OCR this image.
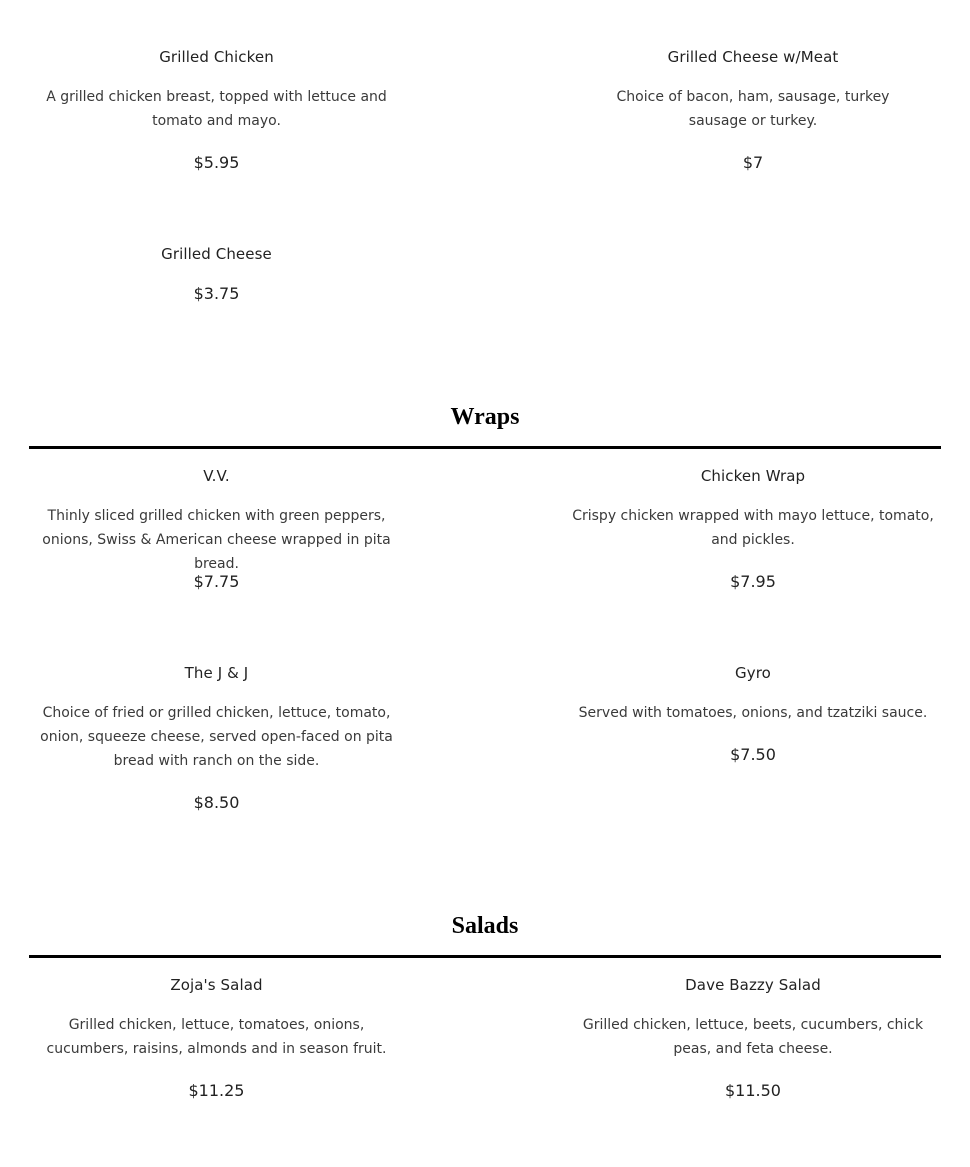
Grilled Chicken

A grilled chicken breast, topped with lettuce and tomato and mayo.

$5.95

Grilled Cheese w/Meat

Choice of bacon, ham, sausage, turkey sausage or turkey.

$7

Grilled Cheese

$3.75

Wraps

V.V.

Thinly sliced grilled chicken with green peppers, onions, Swiss & American cheese wrapped in pita bread.

$7.75

Chicken Wrap

Crispy chicken wrapped with mayo lettuce, tomato, and pickles.

$7.95

The J & J

Choice of fried or grilled chicken, lettuce, tomato, onion, squeeze cheese, served open-faced on pita bread with ranch on the side.

$8.50

Gyro

Served with tomatoes, onions, and tzatziki sauce.

$7.50

Salads

Zoja's Salad

Grilled chicken, lettuce, tomatoes, onions, cucumbers, raisins, almonds and in season fruit.

$11.25

Dave Bazzy Salad

Grilled chicken, lettuce, beets, cucumbers, chick peas, and feta cheese.

$11.50
